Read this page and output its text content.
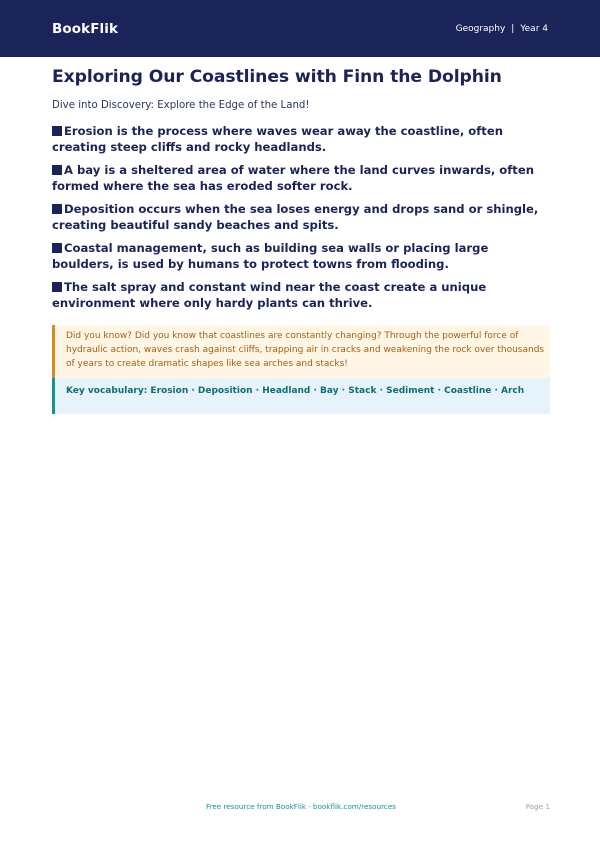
BookFlik	Geography | Year 4
Exploring Our Coastlines with Finn the Dolphin

Dive into Discovery: Explore the Edge of the Land!

Erosion is the process where waves wear away the coastline, often creating steep cliffs and rocky headlands.

A bay is a sheltered area of water where the land curves inwards, often formed where the sea has eroded softer rock.

Deposition occurs when the sea loses energy and drops sand or shingle, creating beautiful sandy beaches and spits.

Coastal management, such as building sea walls or placing large boulders, is used by humans to protect towns from flooding.

The salt spray and constant wind near the coast create a unique environment where only hardy plants can thrive.

Did you know? Did you know that coastlines are constantly changing? Through the powerful force of hydraulic action, waves crash against cliffs, trapping air in cracks and weakening the rock over thousands of years to create dramatic shapes like sea arches and stacks!

Key vocabulary: Erosion · Deposition · Headland · Bay · Stack · Sediment · Coastline · Arch

Free resource from BookFlik · bookflik.com/resources	Page 1
